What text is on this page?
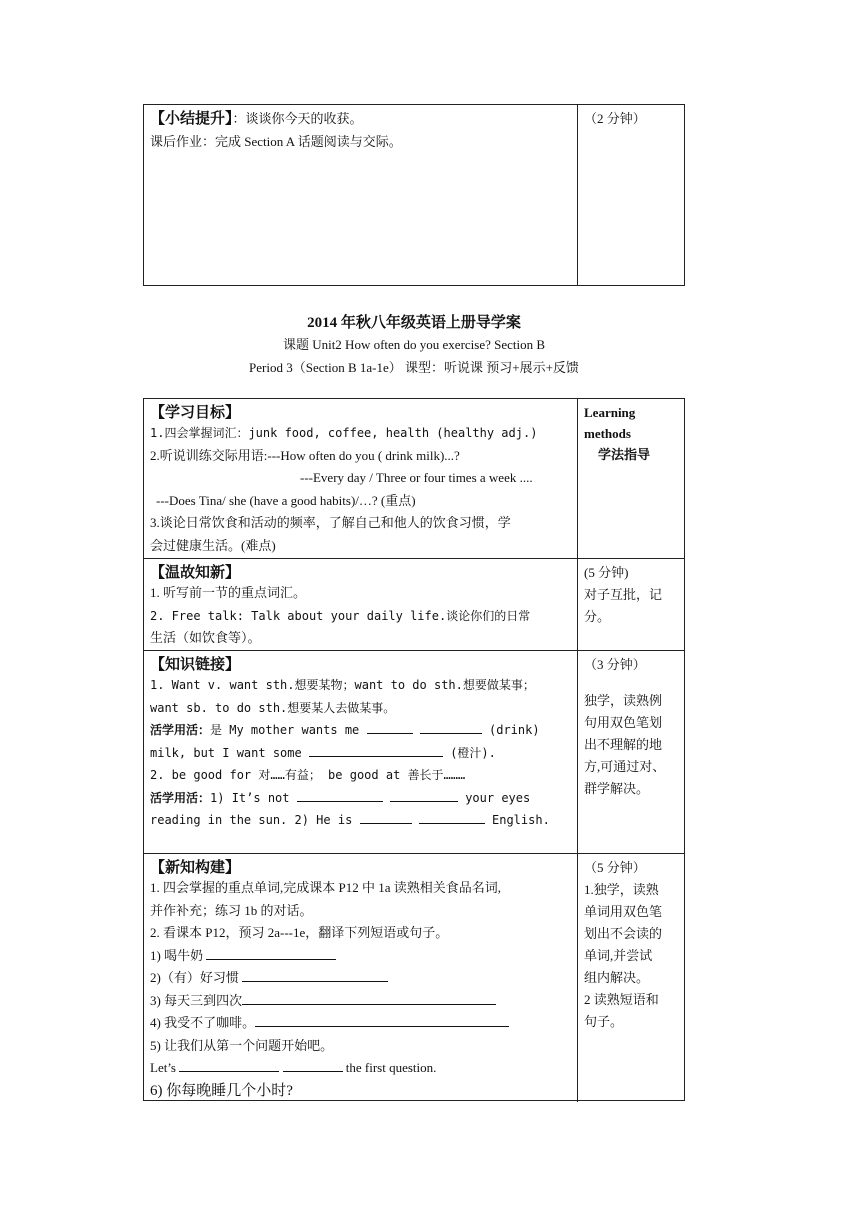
【小结提升】：谈谈你今天的收获。
课后作业：完成 Section A 话题阅读与交际。
（2 分钟）
2014 年秋八年级英语上册导学案
课题 Unit2 How often do you exercise? Section B
Period 3（Section B 1a-1e） 课型：听说课 预习+展示+反馈
【学习目标】
1.四会掌握词汇：junk food, coffee, health (healthy adj.)
2.听说训练交际用语:---How often do you ( drink milk)...?
---Every day / Three or four times a week ....
---Does Tina/ she (have a good habits)/…? (重点)
3.谈论日常饮食和活动的频率，了解自己和他人的饮食习惯，学
会过健康生活。(难点)
Learning
methods
学法指导
【温故知新】
1. 听写前一节的重点词汇。
2. Free talk: Talk about your daily life.谈论你们的日常
生活（如饮食等）。
(5 分钟)
对子互批，记
分。
【知识链接】
1. Want v. want sth.想要某物；want to do sth.想要做某事；
want sb. to do sth.想要某人去做某事。
活学用活：是 My mother wants me	(drink)
milk, but I want some	(橙汁).
2. be good for 对……有益； be good at 善长于………
活学用活：1) It’s not	your eyes
reading in the sun. 2) He is	English.
（3 分钟）
独学，读熟例
句用双色笔划
出不理解的地
方,可通过对、
群学解决。
【新知构建】
1. 四会掌握的重点单词,完成课本 P12 中 1a 读熟相关食品名词,
并作补充；练习 1b 的对话。
2. 看课本 P12，预习 2a---1e，翻译下列短语或句子。
1) 喝牛奶
2)（有）好习惯
3) 每天三到四次
4) 我受不了咖啡。
5) 让我们从第一个问题开始吧。
Let’s	the first question.
6) 你每晚睡几个小时?
（5 分钟）
1.独学，读熟
单词用双色笔
划出不会读的
单词,并尝试
组内解决。
2 读熟短语和
句子。
